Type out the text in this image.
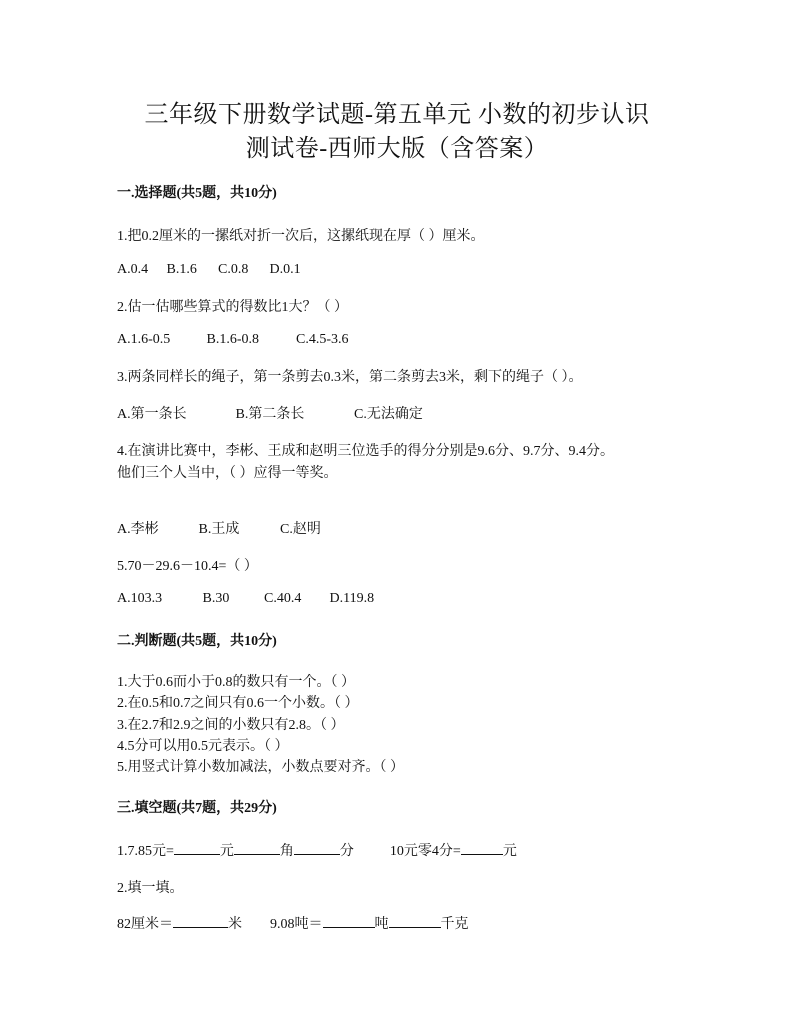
三年级下册数学试题-第五单元 小数的初步认识
测试卷-西师大版（含答案）
一.选择题(共5题，共10分)
1.把0.2厘米的一摞纸对折一次后，这摞纸现在厚（ ）厘米。
A.0.4 B.1.6 C.0.8 D.0.1
2.估一估哪些算式的得数比1大？（ ）
A.1.6-0.5	B.1.6-0.8	C.4.5-3.6
3.两条同样长的绳子，第一条剪去0.3米，第二条剪去3米，剩下的绳子（ ）。
A.第一条长	B.第二条长	C.无法确定
4.在演讲比赛中，李彬、王成和赵明三位选手的得分分别是9.6分、9.7分、9.4分。
他们三个人当中，（ ）应得一等奖。
A.李彬	B.王成	C.赵明
5.70－29.6－10.4=（ ）
A.103.3	B.30 C.40.4 D.119.8
二.判断题(共5题，共10分)
1.大于0.6而小于0.8的数只有一个。（ ）
2.在0.5和0.7之间只有0.6一个小数。（ ）
3.在2.7和2.9之间的小数只有2.8。（ ）
4.5分可以用0.5元表示。（ ）
5.用竖式计算小数加减法，小数点要对齐。（ ）
三.填空题(共7题，共29分)
1.7.85元=	元	角	分	10元零4分=	元
2.填一填。
82厘米＝	米 9.08吨＝	吨	千克
